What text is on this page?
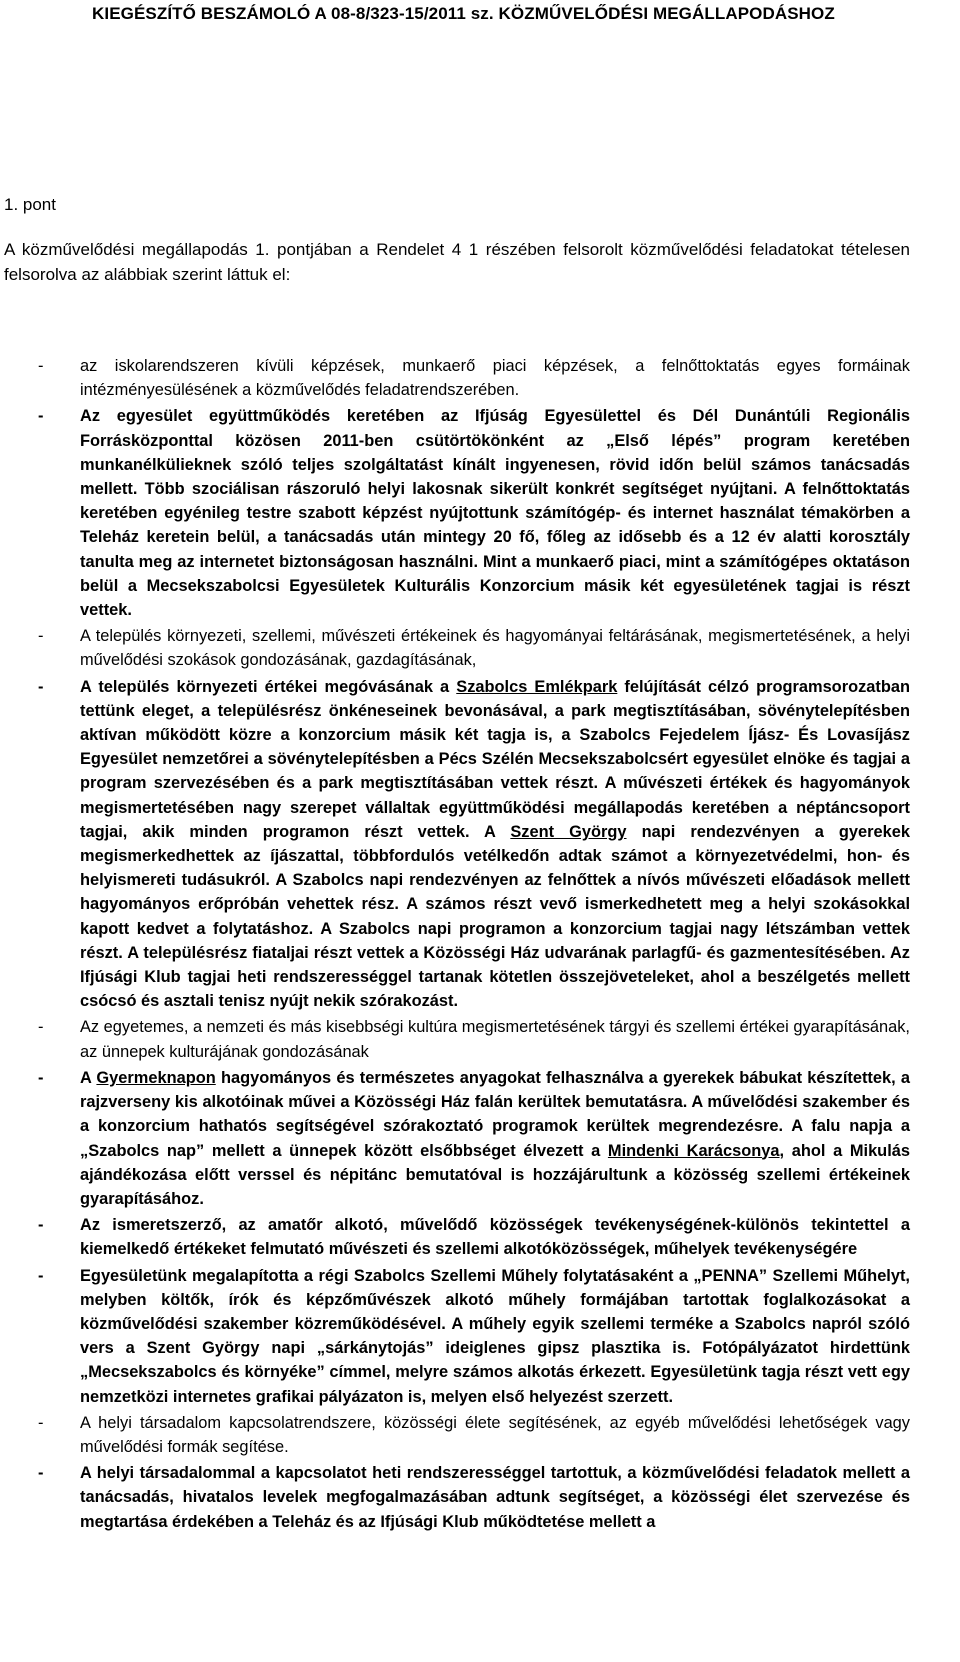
KIEGÉSZÍTŐ BESZÁMOLÓ A 08-8/323-15/2011 sz. KÖZMŰVELŐDÉSI MEGÁLLAPODÁSHOZ
1. pont
A közművelődési megállapodás 1. pontjában a Rendelet 4 1 részében felsorolt közművelődési feladatokat tételesen felsorolva az alábbiak szerint láttuk el:
- az iskolarendszeren kívüli képzések, munkaerő piaci képzések, a felnőttoktatás egyes formáinak intézményesülésének a közművelődés feladatrendszerében.
- Az egyesület együttműködés keretében az Ifjúság Egyesülettel és Dél Dunántúli Regionális Forrásközponttal közösen 2011-ben csütörtökönként az „Első lépés” program keretében munkanélkülieknek szóló teljes szolgáltatást kínált ingyenesen, rövid időn belül számos tanácsadás mellett. Több szociálisan rászoruló helyi lakosnak sikerült konkrét segítséget nyújtani. A felnőttoktatás keretében egyénileg testre szabott képzést nyújtottunk számítógép- és internet használat témakörben a Teleház keretein belül, a tanácsadás után mintegy 20 fő, főleg az idősebb és a 12 év alatti korosztály tanulta meg az internetet biztonságosan használni. Mint a munkaerő piaci, mint a számítógépes oktatáson belül a Mecsekszabolcsi Egyesületek Kulturális Konzorcium másik két egyesületének tagjai is részt vettek.
- A település környezeti, szellemi, művészeti értékeinek és hagyományai feltárásának, megismertetésének, a helyi művelődési szokások gondozásának, gazdagításának,
- A település környezeti értékei megóvásának a Szabolcs Emlékpark felújítását célzó programsorozatban tettünk eleget, a településrész önkéneseinek bevonásával, a park megtisztításában, sövénytelepítésben aktívan működött közre a konzorcium másik két tagja is, a Szabolcs Fejedelem Íjász- És Lovasíjász Egyesület nemzetőrei a sövénytelepítésben a Pécs Szélén Mecsekszabolcsért egyesület elnöke és tagjai a program szervezésében és a park megtisztításában vettek részt. A művészeti értékek és hagyományok megismertetésében nagy szerepet vállaltak együttműködési megállapodás keretében a néptáncsoport tagjai, akik minden programon részt vettek. A Szent György napi rendezvényen a gyerekek megismerkedhettek az íjászattal, többfordulós vetélkedőn adtak számot a környezetvédelmi, hon- és helyismereti tudásukról. A Szabolcs napi rendezvényen az felnőttek a nívós művészeti előadások mellett hagyományos erőpróbán vehettek rész. A számos részt vevő ismerkedhetett meg a helyi szokásokkal kapott kedvet a folytatáshoz. A Szabolcs napi programon a konzorcium tagjai nagy létszámban vettek részt. A településrész fiataljai részt vettek a Közösségi Ház udvarának parlagfű- és gazmentesítésében. Az Ifjúsági Klub tagjai heti rendszerességgel tartanak kötetlen összejöveteleket, ahol a beszélgetés mellett csócsó és asztali tenisz nyújt nekik szórakozást.
- Az egyetemes, a nemzeti és más kisebbségi kultúra megismertetésének tárgyi és szellemi értékei gyarapításának, az ünnepek kulturájának gondozásának
- A Gyermeknapon hagyományos és természetes anyagokat felhasználva a gyerekek bábukat készítettek, a rajzverseny kis alkotóinak művei a Közösségi Ház falán kerültek bemutatásra. A művelődési szakember és a konzorcium hathatós segítségével szórakoztató programok kerültek megrendezésre. A falu napja a „Szabolcs nap” mellett a ünnepek között elsőbbséget élvezett a Mindenki Karácsonya, ahol a Mikulás ajándékozása előtt verssel és népitánc bemutatóval is hozzájárultunk a közösség szellemi értékeinek gyarapításához.
- Az ismeretszerző, az amatőr alkotó, művelődő közösségek tevékenységének-különös tekintettel a kiemelkedő értékeket felmutató művészeti és szellemi alkotóközösségek, műhelyek tevékenységére
- Egyesületünk megalapította a régi Szabolcs Szellemi Műhely folytatásaként a „PENNA” Szellemi Műhelyt, melyben költők, írók és képzőművészek alkotó műhely formájában tartottak foglalkozásokat a közművelődési szakember közreműködésével. A műhely egyik szellemi terméke a Szabolcs napról szóló vers a Szent György napi „sárkánytojás” ideiglenes gipsz plasztika is. Fotópályázatot hirdettünk „Mecsekszabolcs és környéke” címmel, melyre számos alkotás érkezett. Egyesületünk tagja részt vett egy nemzetközi internetes grafikai pályázaton is, melyen első helyezést szerzett.
- A helyi társadalom kapcsolatrendszere, közösségi élete segítésének, az egyéb művelődési lehetőségek vagy művelődési formák segítése.
- A helyi társadalommal a kapcsolatot heti rendszerességgel tartottuk, a közművelődési feladatok mellett a tanácsadás, hivatalos levelek megfogalmazásában adtunk segítséget, a közösségi élet szervezése és megtartása érdekében a Teleház és az Ifjúsági Klub működtetése mellett a
